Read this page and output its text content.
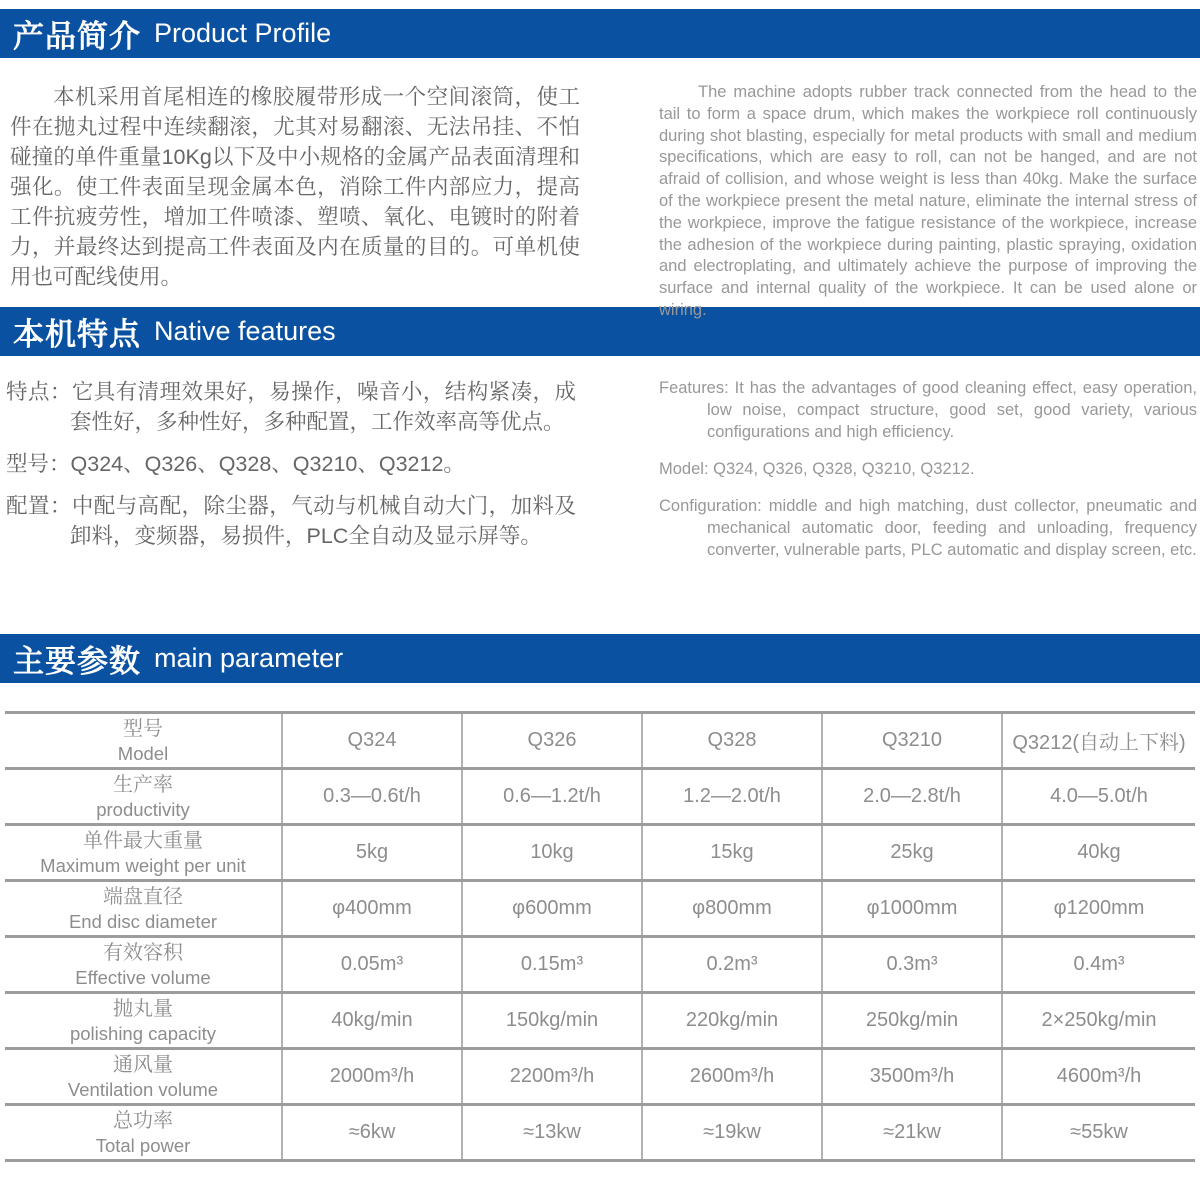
产品简介 Product Profile

本机采用首尾相连的橡胶履带形成一个空间滚筒，使工件在抛丸过程中连续翻滚，尤其对易翻滚、无法吊挂、不怕碰撞的单件重量10Kg以下及中小规格的金属产品表面清理和强化。使工件表面呈现金属本色，消除工件内部应力，提高工件抗疲劳性，增加工件喷漆、塑喷、氧化、电镀时的附着力，并最终达到提高工件表面及内在质量的目的。可单机使用也可配线使用。

The machine adopts rubber track connected from the head to the tail to form a space drum, which makes the workpiece roll continuously during shot blasting, especially for metal products with small and medium specifications, which are easy to roll, can not be hanged, and are not afraid of collision, and whose weight is less than 40kg. Make the surface of the workpiece present the metal nature, eliminate the internal stress of the workpiece, improve the fatigue resistance of the workpiece, increase the adhesion of the workpiece during painting, plastic spraying, oxidation and electroplating, and ultimately achieve the purpose of improving the surface and internal quality of the workpiece. It can be used alone or wiring.

本机特点 Native features

特点：它具有清理效果好，易操作，噪音小，结构紧凑，成套性好，多种性好，多种配置，工作效率高等优点。

型号：Q324、Q326、Q328、Q3210、Q3212。

配置：中配与高配，除尘器，气动与机械自动大门，加料及卸料，变频器，易损件，PLC全自动及显示屏等。

Features: It has the advantages of good cleaning effect, easy operation, low noise, compact structure, good set, good variety, various configurations and high efficiency.

Model: Q324, Q326, Q328, Q3210, Q3212.

Configuration: middle and high matching, dust collector, pneumatic and mechanical automatic door, feeding and unloading, frequency converter, vulnerable parts, PLC automatic and display screen, etc.

主要参数 main parameter
型号
Model	Q324	Q326	Q328	Q3210	Q3212(自动上下料)

生产率
productivity	0.3—0.6t/h	0.6—1.2t/h	1.2—2.0t/h	2.0—2.8t/h	4.0—5.0t/h

单件最大重量
Maximum weight per unit	5kg	10kg	15kg	25kg	40kg

端盘直径
End disc diameter	φ400mm	φ600mm	φ800mm	φ1000mm	φ1200mm

有效容积
Effective volume	0.05m³	0.15m³	0.2m³	0.3m³	0.4m³

抛丸量
polishing capacity	40kg/min	150kg/min	220kg/min	250kg/min	2×250kg/min

通风量
Ventilation volume	2000m³/h	2200m³/h	2600m³/h	3500m³/h	4600m³/h

总功率
Total power	≈6kw	≈13kw	≈19kw	≈21kw	≈55kw
